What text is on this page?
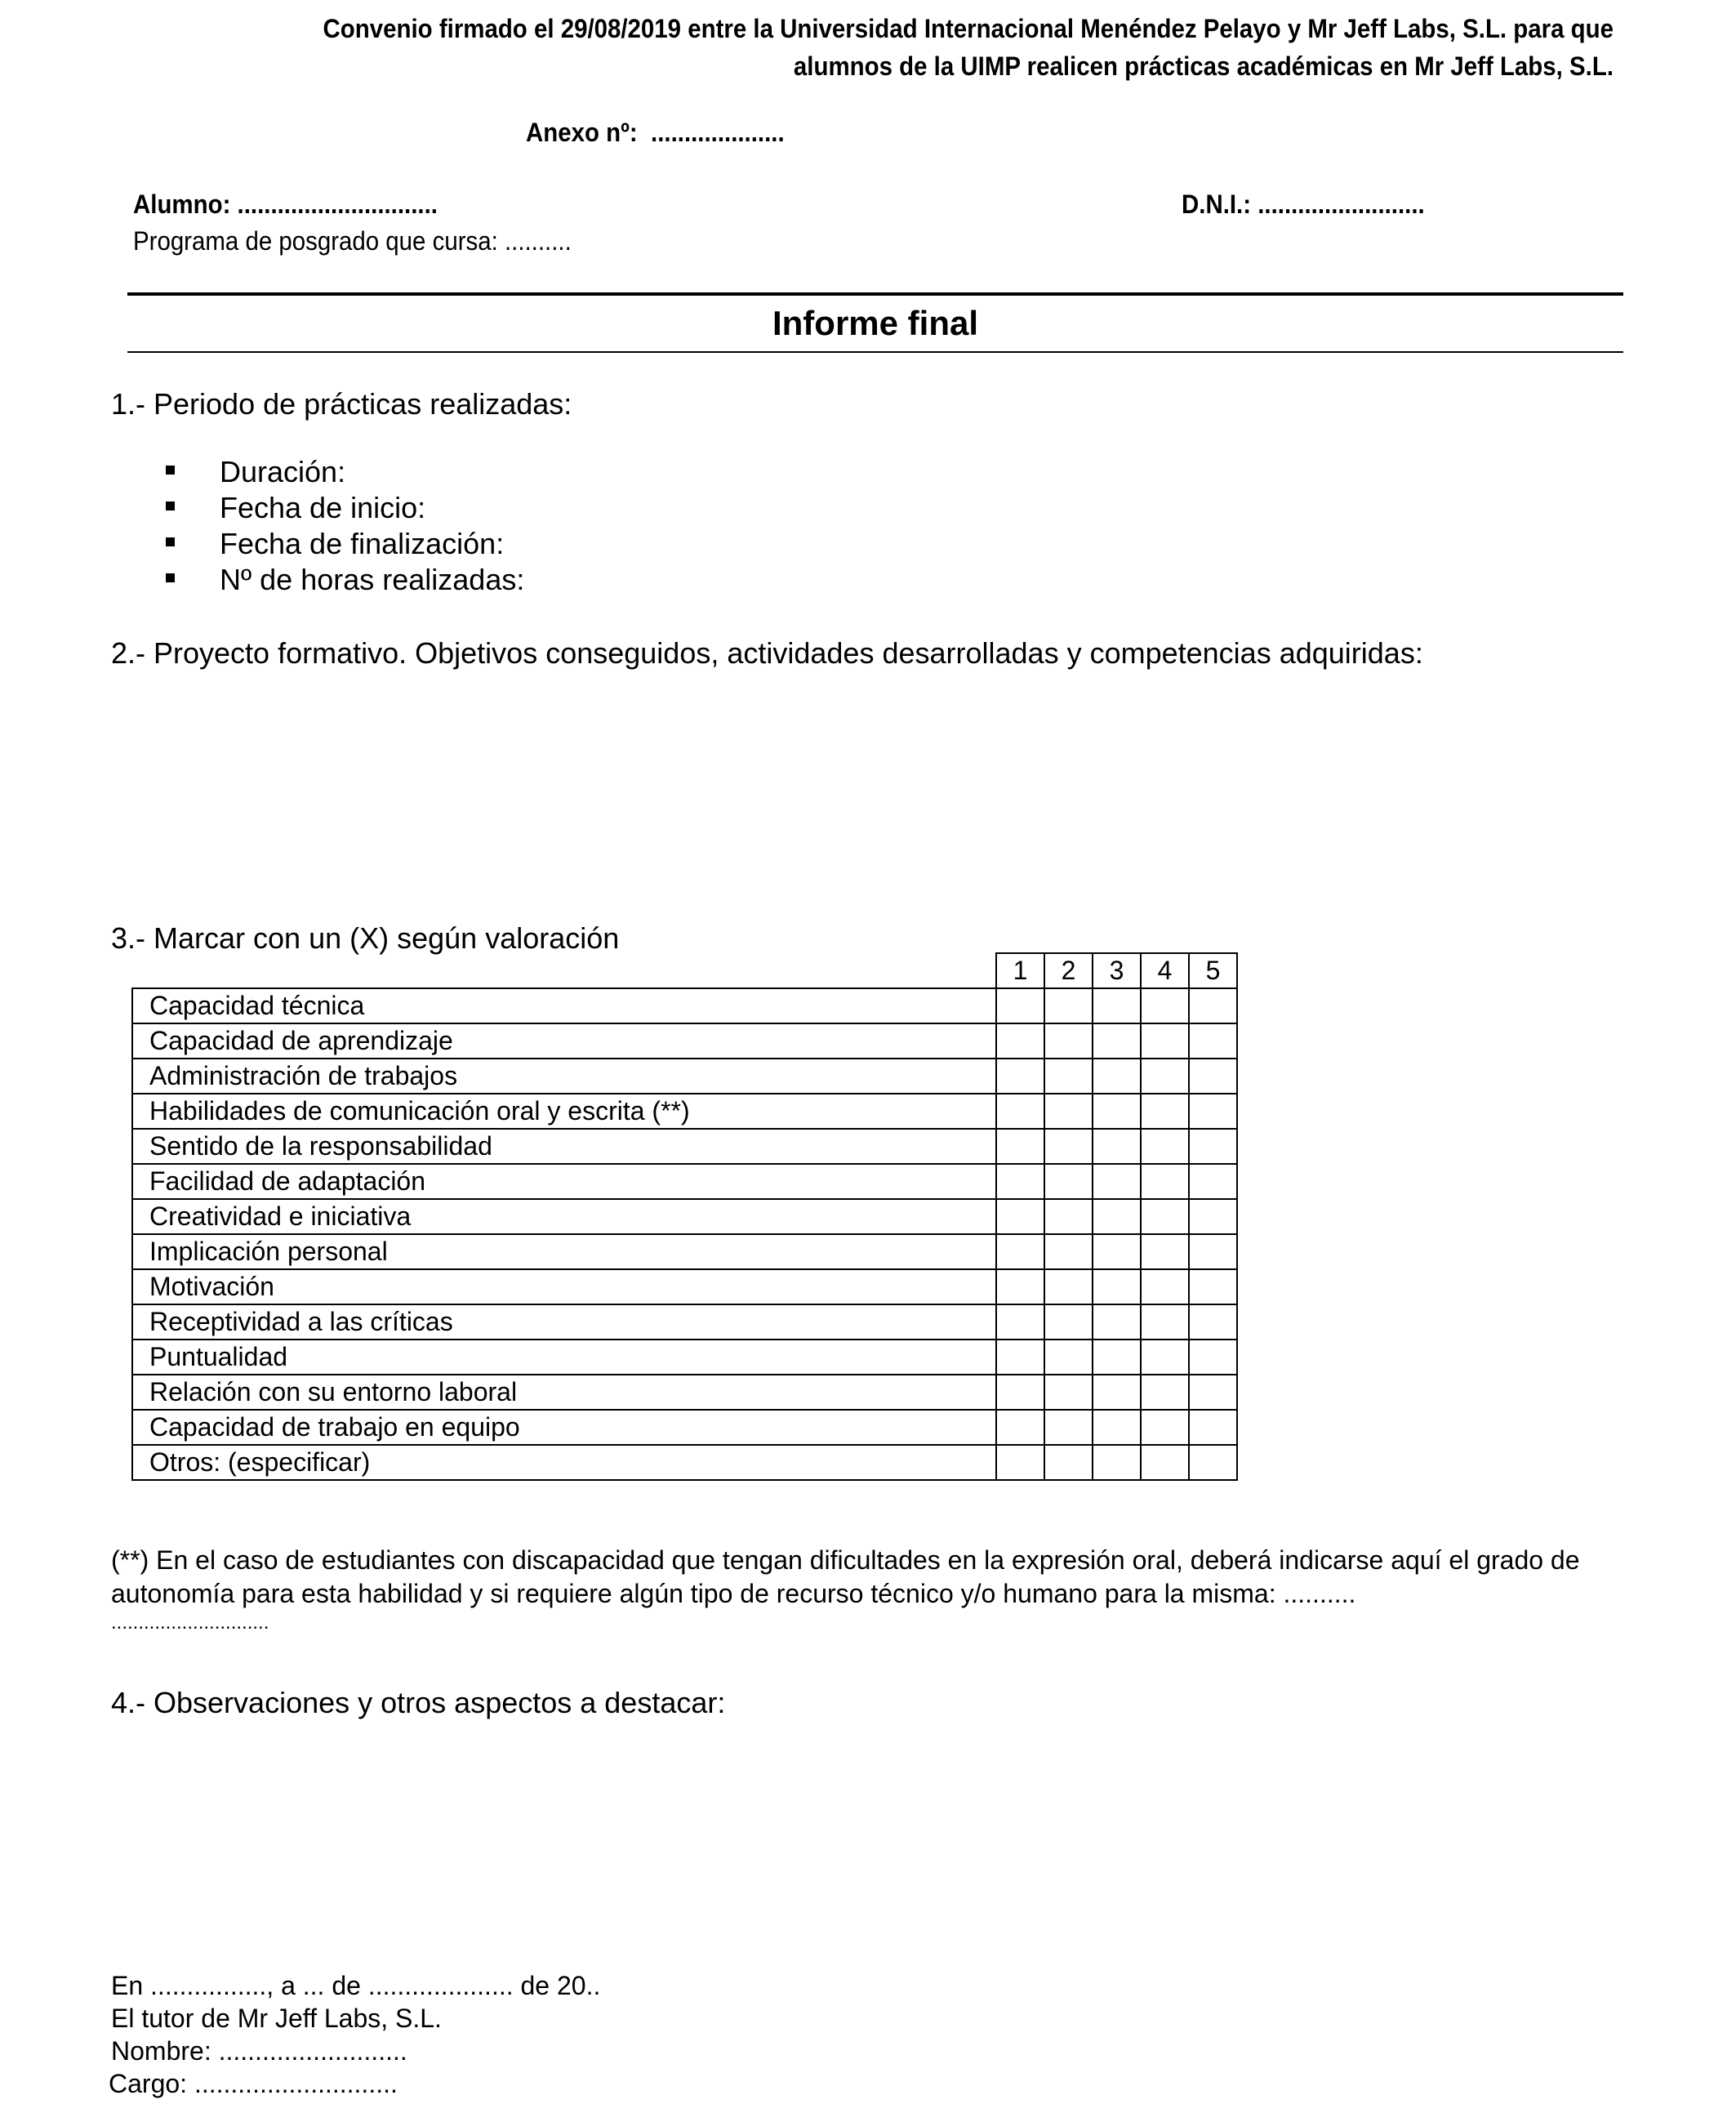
Convenio firmado el 29/08/2019 entre la Universidad Internacional Menéndez Pelayo y Mr Jeff Labs, S.L. para que
alumnos de la UIMP realicen prácticas académicas en Mr Jeff Labs, S.L.
Anexo nº: ....................
Alumno: ..............................	D.N.I.: .........................
Programa de posgrado que cursa: ..........
Informe final
1.- Periodo de prácticas realizadas:
Duración:
Fecha de inicio:
Fecha de finalización:
Nº de horas realizadas:
2.- Proyecto formativo. Objetivos conseguidos, actividades desarrolladas y competencias adquiridas:
3.- Marcar con un (X) según valoración
	1	2	3	4	5
Capacidad técnica					
Capacidad de aprendizaje					
Administración de trabajos					
Habilidades de comunicación oral y escrita (**)					
Sentido de la responsabilidad					
Facilidad de adaptación					
Creatividad e iniciativa					
Implicación personal					
Motivación					
Receptividad a las críticas					
Puntualidad					
Relación con su entorno laboral					
Capacidad de trabajo en equipo					
Otros: (especificar)					
(**) En el caso de estudiantes con discapacidad que tengan dificultades en la expresión oral, deberá indicarse aquí el grado de
autonomía para esta habilidad y si requiere algún tipo de recurso técnico y/o humano para la misma: ..........
.............................
4.- Observaciones y otros aspectos a destacar:
En ................, a ... de .................... de 20..
El tutor de Mr Jeff Labs, S.L.
Nombre: ..........................
Cargo: ............................
